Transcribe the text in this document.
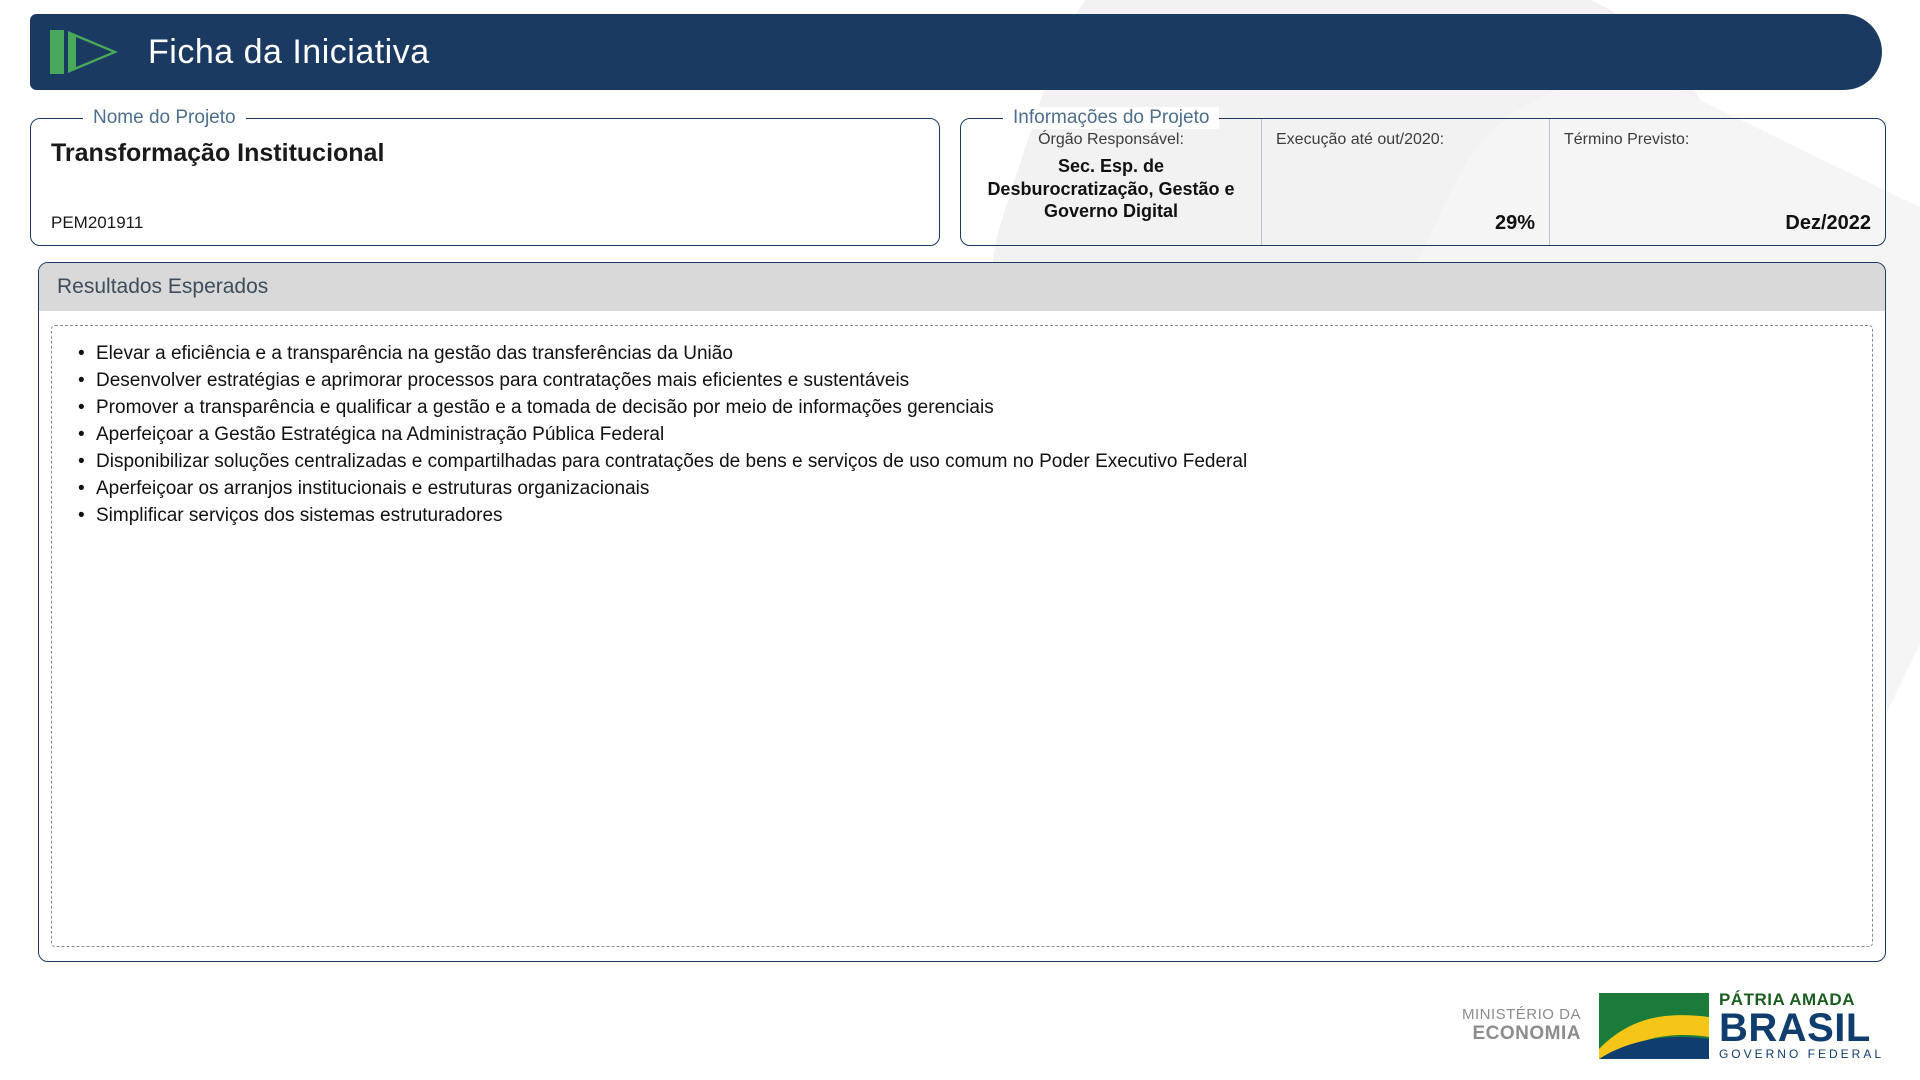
Ficha da Iniciativa
Nome do Projeto
Transformação Institucional
PEM201911
Informações do Projeto
Órgão Responsável:
Sec. Esp. de Desburocratização, Gestão e Governo Digital
Execução até out/2020:
29%
Término Previsto:
Dez/2022
Resultados Esperados
• Elevar a eficiência e a transparência na gestão das transferências da União
• Desenvolver estratégias e aprimorar processos para contratações mais eficientes e sustentáveis
• Promover a transparência e qualificar a gestão e a tomada de decisão por meio de informações gerenciais
• Aperfeiçoar a Gestão Estratégica na Administração Pública Federal
• Disponibilizar soluções centralizadas e compartilhadas para contratações de bens e serviços de uso comum no Poder Executivo Federal
• Aperfeiçoar os arranjos institucionais e estruturas organizacionais
• Simplificar serviços dos sistemas estruturadores
MINISTÉRIO DA
ECONOMIA
PÁTRIA AMADA
BRASIL
GOVERNO FEDERAL
